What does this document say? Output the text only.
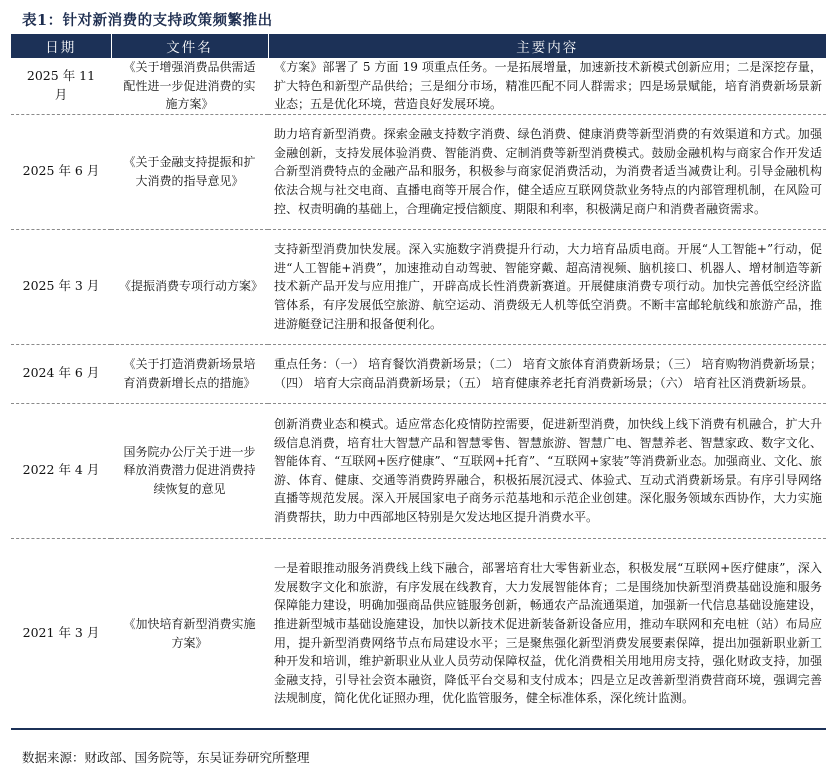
表1：针对新消费的支持政策频繁推出
日期	文件名	主要内容
2025 年 11 月	《关于增强消费品供需适配性进一步促进消费的实施方案》	《方案》部署了 5 方面 19 项重点任务。一是拓展增量，加速新技术新模式创新应用；二是深挖存量，扩大特色和新型产品供给；三是细分市场，精准匹配不同人群需求；四是场景赋能，培育消费新场景新业态；五是优化环境，营造良好发展环境。
2025 年 6 月	《关于金融支持提振和扩大消费的指导意见》	助力培育新型消费。探索金融支持数字消费、绿色消费、健康消费等新型消费的有效渠道和方式。加强金融创新，支持发展体验消费、智能消费、定制消费等新型消费模式。鼓励金融机构与商家合作开发适合新型消费特点的金融产品和服务，积极参与商家促消费活动，为消费者适当减费让利。引导金融机构依法合规与社交电商、直播电商等开展合作，健全适应互联网贷款业务特点的内部管理机制，在风险可控、权责明确的基础上，合理确定授信额度、期限和利率，积极满足商户和消费者融资需求。
2025 年 3 月	《提振消费专项行动方案》	支持新型消费加快发展。深入实施数字消费提升行动，大力培育品质电商。开展“人工智能+”行动，促进“人工智能+消费”，加速推动自动驾驶、智能穿戴、超高清视频、脑机接口、机器人、增材制造等新技术新产品开发与应用推广，开辟高成长性消费新赛道。开展健康消费专项行动。加快完善低空经济监管体系，有序发展低空旅游、航空运动、消费级无人机等低空消费。不断丰富邮轮航线和旅游产品，推进游艇登记注册和报备便利化。
2024 年 6 月	《关于打造消费新场景培育消费新增长点的措施》	重点任务：（一） 培育餐饮消费新场景；（二） 培育文旅体育消费新场景；（三） 培育购物消费新场景；（四） 培育大宗商品消费新场景；（五） 培育健康养老托育消费新场景；（六） 培育社区消费新场景。
2022 年 4 月	国务院办公厅关于进一步释放消费潜力促进消费持续恢复的意见	创新消费业态和模式。适应常态化疫情防控需要，促进新型消费，加快线上线下消费有机融合，扩大升级信息消费，培育壮大智慧产品和智慧零售、智慧旅游、智慧广电、智慧养老、智慧家政、数字文化、智能体育、“互联网+医疗健康”、“互联网+托育”、“互联网+家装”等消费新业态。加强商业、文化、旅游、体育、健康、交通等消费跨界融合，积极拓展沉浸式、体验式、互动式消费新场景。有序引导网络直播等规范发展。深入开展国家电子商务示范基地和示范企业创建。深化服务领域东西协作，大力实施消费帮扶，助力中西部地区特别是欠发达地区提升消费水平。
2021 年 3 月	《加快培育新型消费实施方案》	一是着眼推动服务消费线上线下融合，部署培育壮大零售新业态，积极发展“互联网+医疗健康”，深入发展数字文化和旅游，有序发展在线教育，大力发展智能体育；二是围绕加快新型消费基础设施和服务保障能力建设，明确加强商品供应链服务创新，畅通农产品流通渠道，加强新一代信息基础设施建设，推进新型城市基础设施建设，加快以新技术促进新装备新设备应用，推动车联网和充电桩（站）布局应用，提升新型消费网络节点布局建设水平；三是聚焦强化新型消费发展要素保障，提出加强新职业新工种开发和培训，维护新职业从业人员劳动保障权益，优化消费相关用地用房支持，强化财政支持，加强金融支持，引导社会资本融资，降低平台交易和支付成本；四是立足改善新型消费营商环境，强调完善法规制度，简化优化证照办理，优化监管服务，健全标准体系，深化统计监测。
数据来源：财政部、国务院等，东吴证券研究所整理
